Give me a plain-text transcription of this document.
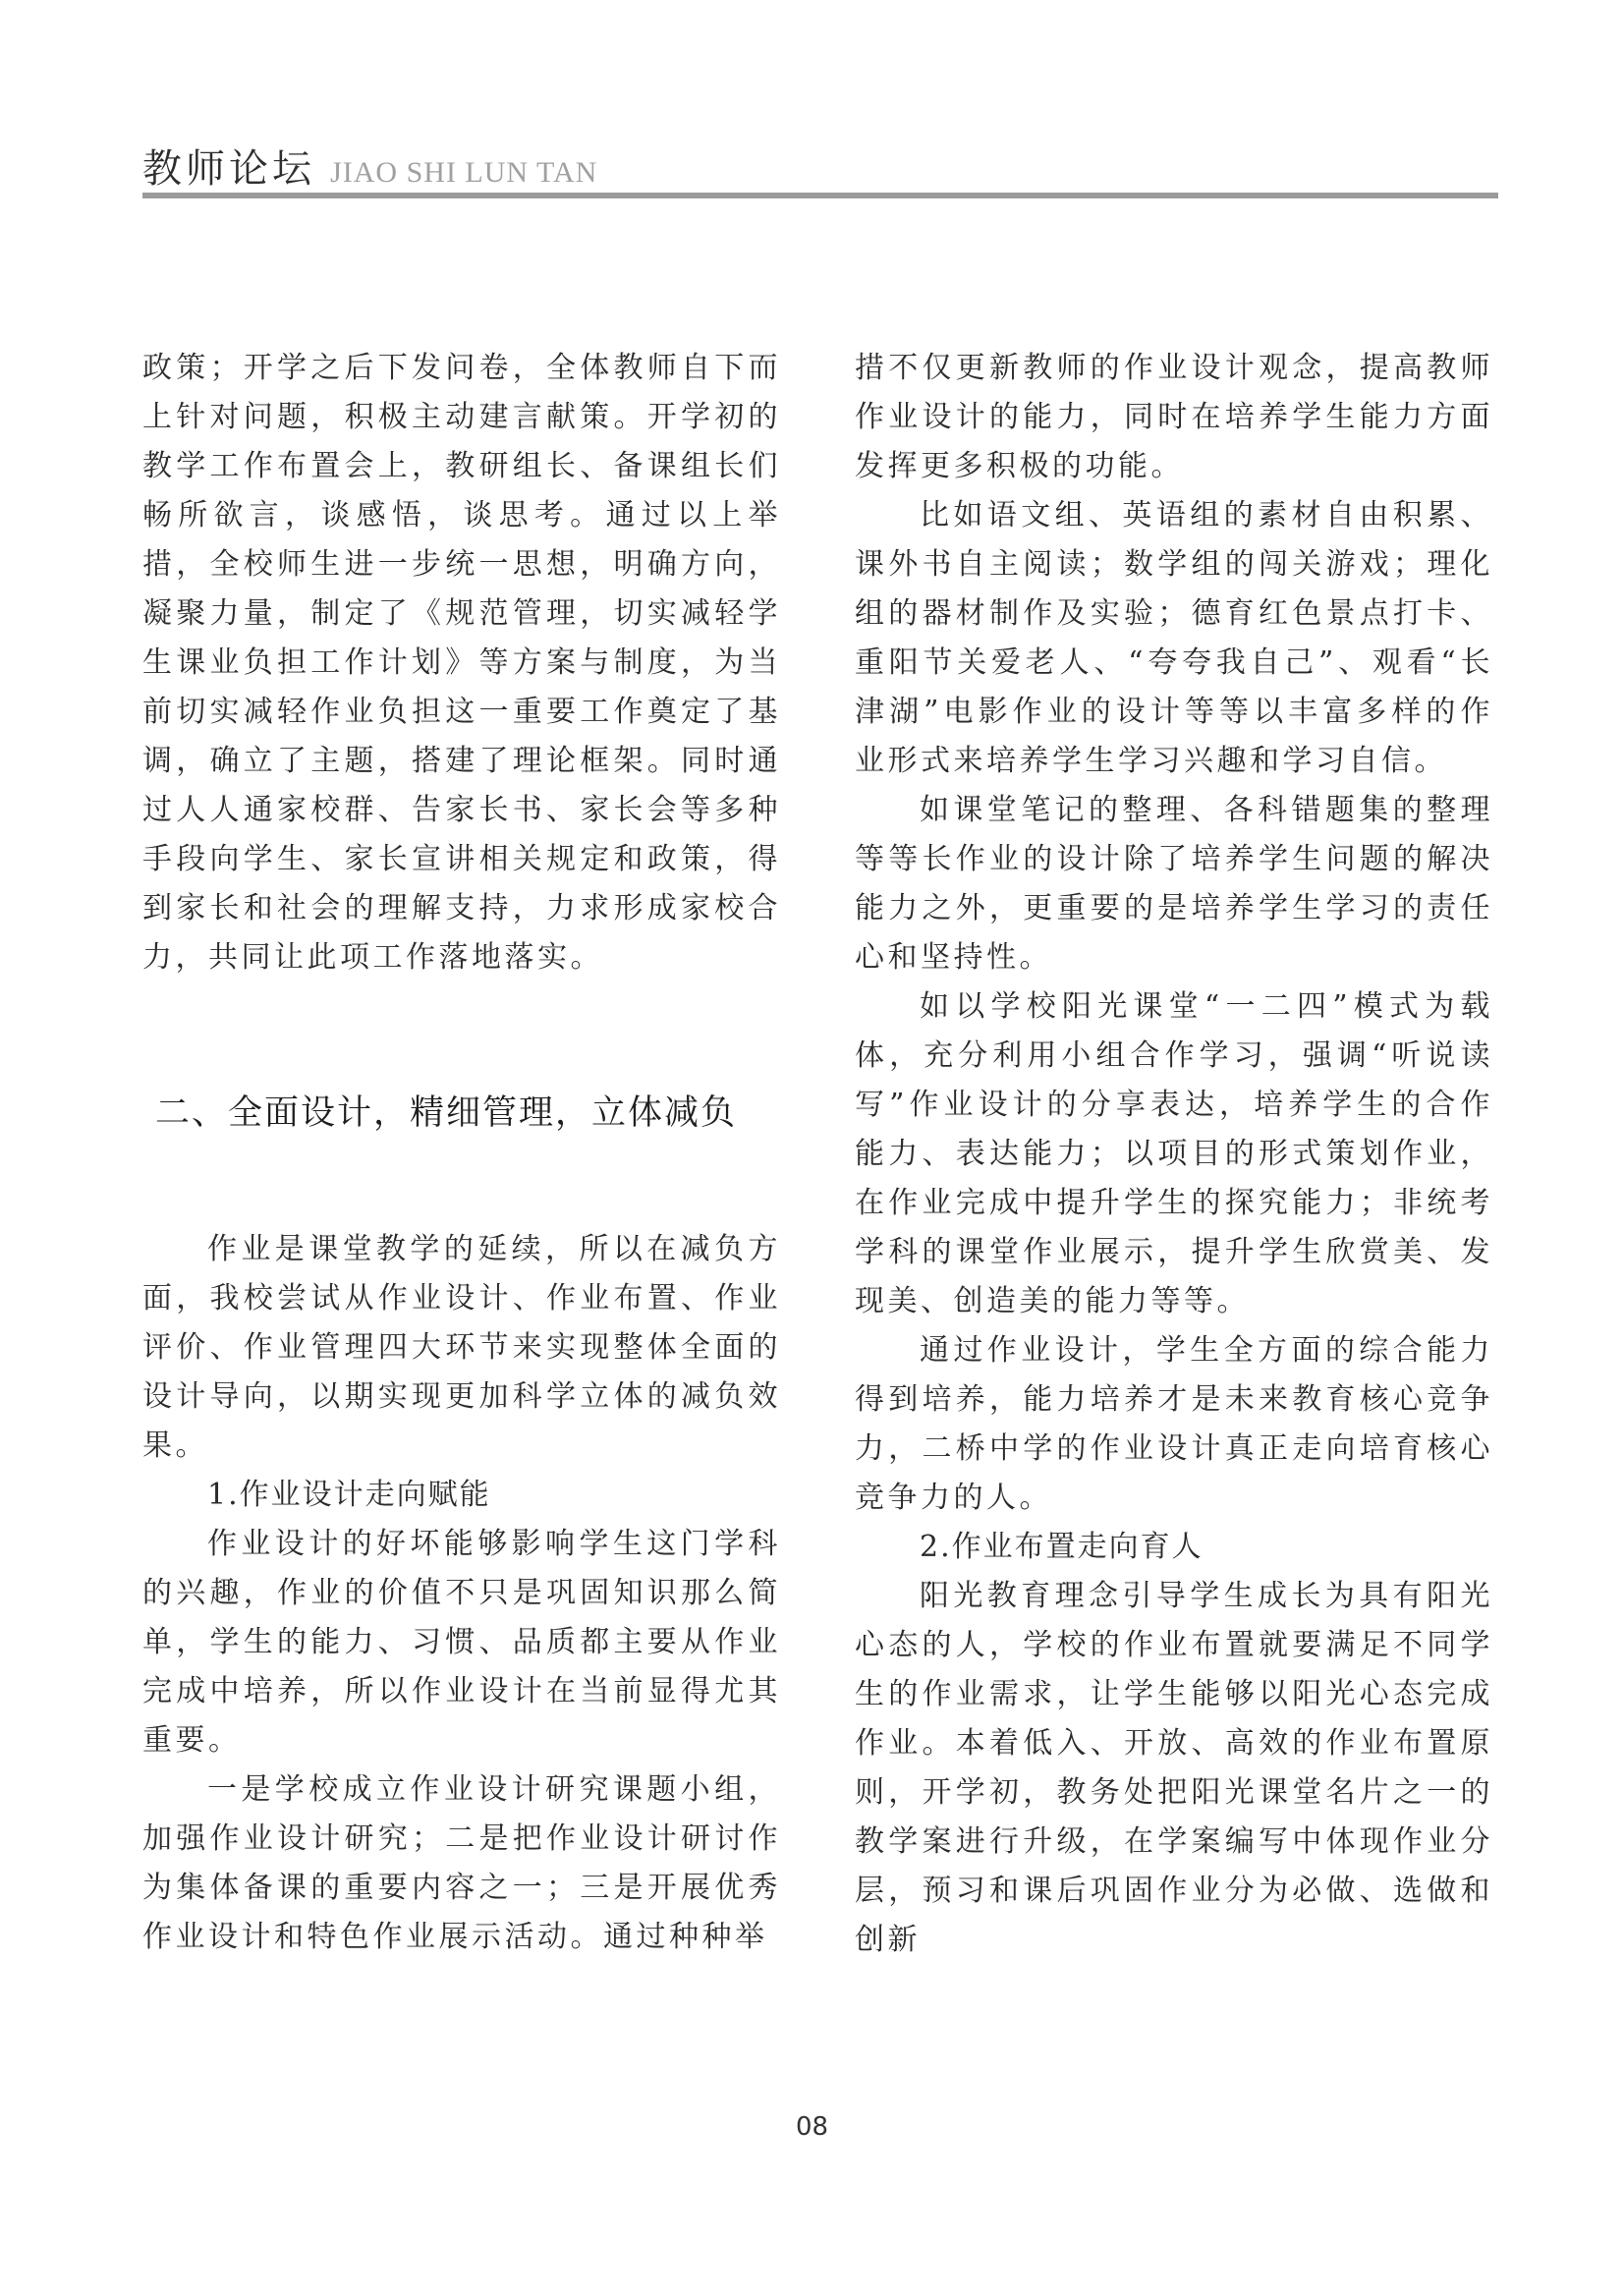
教师论坛 JIAO SHI LUN TAN

政策；开学之后下发问卷，全体教师自下而上针对问题，积极主动建言献策。开学初的教学工作布置会上，教研组长、备课组长们畅所欲言，谈感悟，谈思考。通过以上举措，全校师生进一步统一思想，明确方向，凝聚力量，制定了《规范管理，切实减轻学生课业负担工作计划》等方案与制度，为当前切实减轻作业负担这一重要工作奠定了基调，确立了主题，搭建了理论框架。同时通过人人通家校群、告家长书、家长会等多种手段向学生、家长宣讲相关规定和政策，得到家长和社会的理解支持，力求形成家校合力，共同让此项工作落地落实。

二、全面设计，精细管理，立体减负

作业是课堂教学的延续，所以在减负方面，我校尝试从作业设计、作业布置、作业评价、作业管理四大环节来实现整体全面的设计导向，以期实现更加科学立体的减负效果。

1.作业设计走向赋能

作业设计的好坏能够影响学生这门学科的兴趣，作业的价值不只是巩固知识那么简单，学生的能力、习惯、品质都主要从作业完成中培养，所以作业设计在当前显得尤其重要。

一是学校成立作业设计研究课题小组，加强作业设计研究；二是把作业设计研讨作为集体备课的重要内容之一；三是开展优秀作业设计和特色作业展示活动。通过种种举

措不仅更新教师的作业设计观念，提高教师作业设计的能力，同时在培养学生能力方面发挥更多积极的功能。

比如语文组、英语组的素材自由积累、课外书自主阅读；数学组的闯关游戏；理化组的器材制作及实验；德育红色景点打卡、重阳节关爱老人、“夸夸我自己”、观看“长津湖”电影作业的设计等等以丰富多样的作业形式来培养学生学习兴趣和学习自信。

如课堂笔记的整理、各科错题集的整理等等长作业的设计除了培养学生问题的解决能力之外，更重要的是培养学生学习的责任心和坚持性。

如以学校阳光课堂“一二四”模式为载体，充分利用小组合作学习，强调“听说读写”作业设计的分享表达，培养学生的合作能力、表达能力；以项目的形式策划作业，在作业完成中提升学生的探究能力；非统考学科的课堂作业展示，提升学生欣赏美、发现美、创造美的能力等等。

通过作业设计，学生全方面的综合能力得到培养，能力培养才是未来教育核心竞争力，二桥中学的作业设计真正走向培育核心竞争力的人。

2.作业布置走向育人

阳光教育理念引导学生成长为具有阳光心态的人，学校的作业布置就要满足不同学生的作业需求，让学生能够以阳光心态完成作业。本着低入、开放、高效的作业布置原则，开学初，教务处把阳光课堂名片之一的教学案进行升级，在学案编写中体现作业分层，预习和课后巩固作业分为必做、选做和创新

08
